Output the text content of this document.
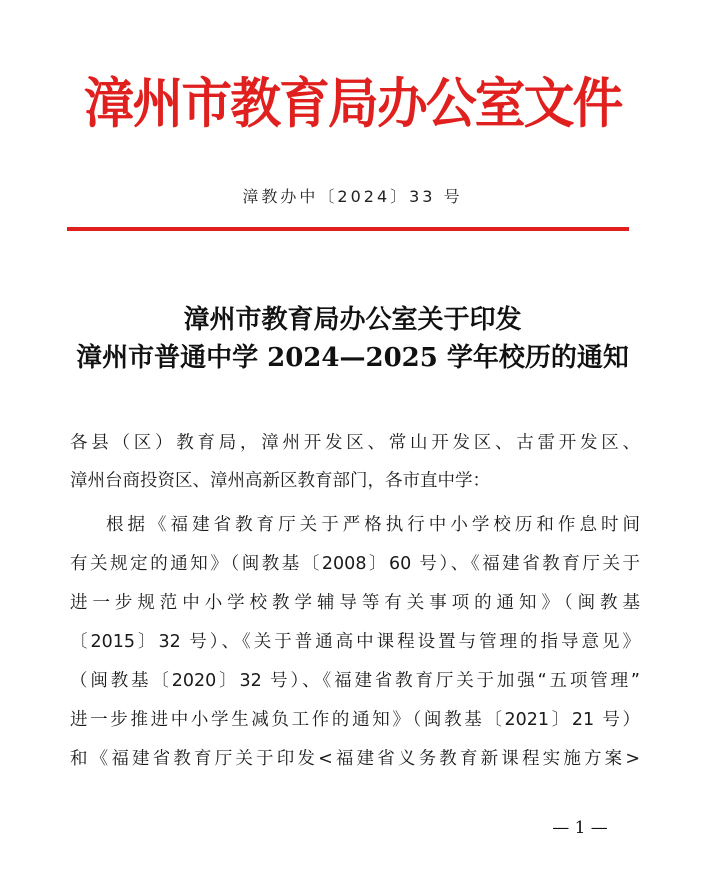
漳州市教育局办公室文件
漳教办中〔2024〕33 号
漳州市教育局办公室关于印发
漳州市普通中学 2024—2025 学年校历的通知
各县（区）教育局，漳州开发区、常山开发区、古雷开发区、
漳州台商投资区、漳州高新区教育部门，各市直中学：
根据《福建省教育厅关于严格执行中小学校历和作息时间
有关规定的通知》（闽教基〔2008〕60 号）、《福建省教育厅关于
进一步规范中小学校教学辅导等有关事项的通知》（闽教基
〔2015〕32 号）、《关于普通高中课程设置与管理的指导意见》
（闽教基〔2020〕32 号）、《福建省教育厅关于加强“五项管理”
进一步推进中小学生减负工作的通知》（闽教基〔2021〕21 号）
和《福建省教育厅关于印发<福建省义务教育新课程实施方案>
— 1 —
